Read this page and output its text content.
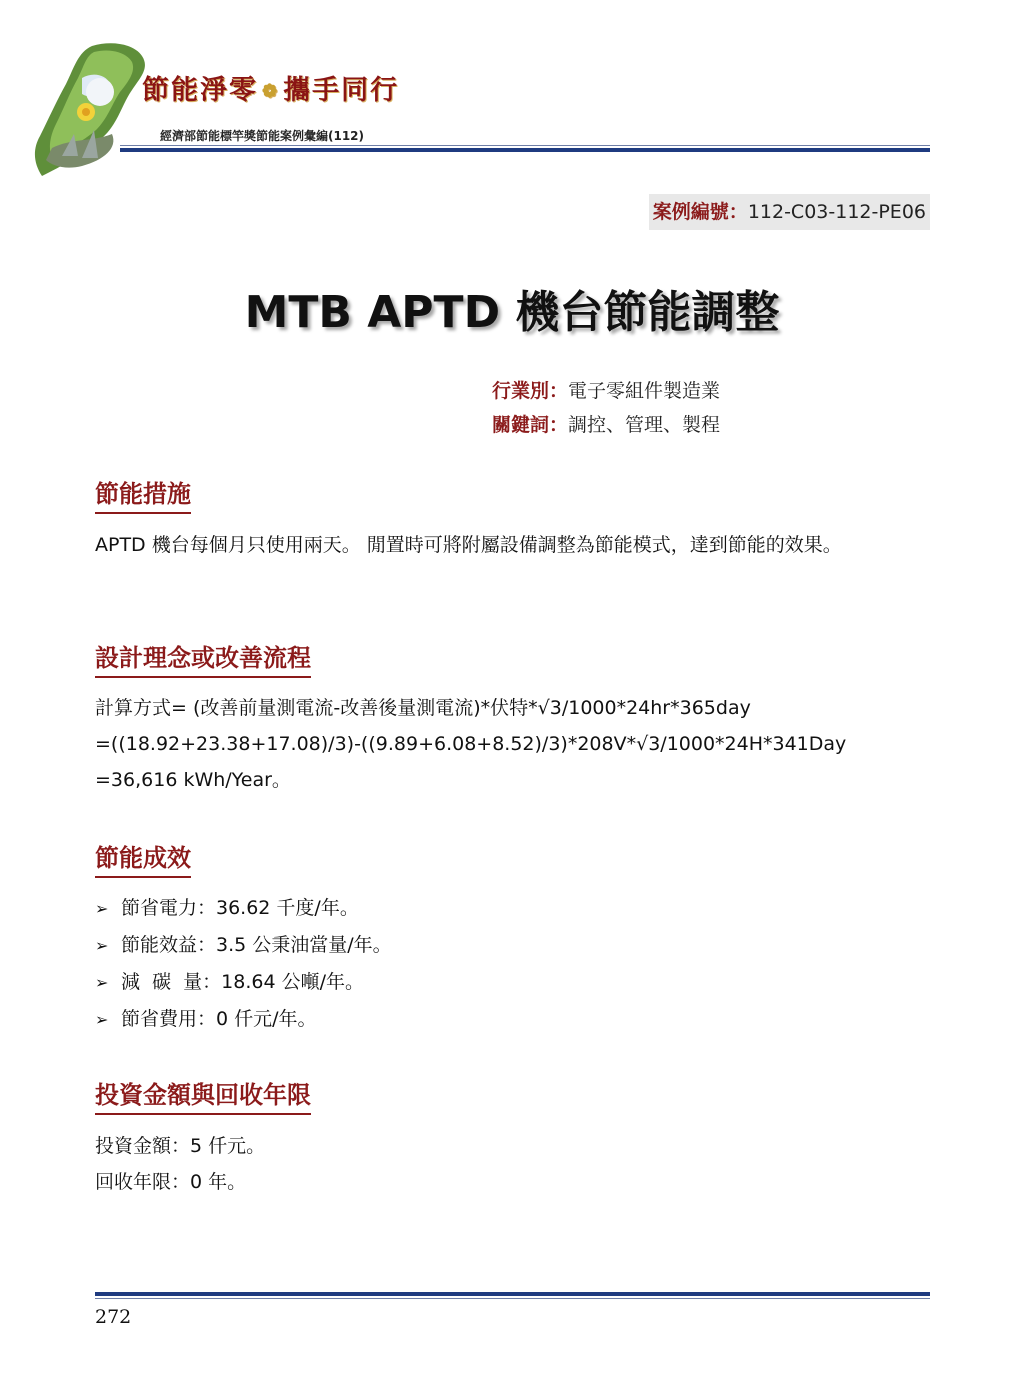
節能淨零 ❁ 攜手同行
經濟部節能標竿獎節能案例彙編(112)
案例編號：112-C03-112-PE06
MTB APTD 機台節能調整
行業別：電子零組件製造業
關鍵詞：調控、管理、製程
節能措施
APTD 機台每個月只使用兩天。 閒置時可將附屬設備調整為節能模式，達到節能的效果。
設計理念或改善流程
計算方式= (改善前量測電流-改善後量測電流)*伏特*√3/1000*24hr*365day
=((18.92+23.38+17.08)/3)-((9.89+6.08+8.52)/3)*208V*√3/1000*24H*341Day
=36,616 kWh/Year。
節能成效
➢ 節省電力：36.62 千度/年。
➢ 節能效益：3.5 公秉油當量/年。
➢ 減  碳  量：18.64 公噸/年。
➢ 節省費用：0 仟元/年。
投資金額與回收年限
投資金額：5 仟元。
回收年限：0 年。
272
